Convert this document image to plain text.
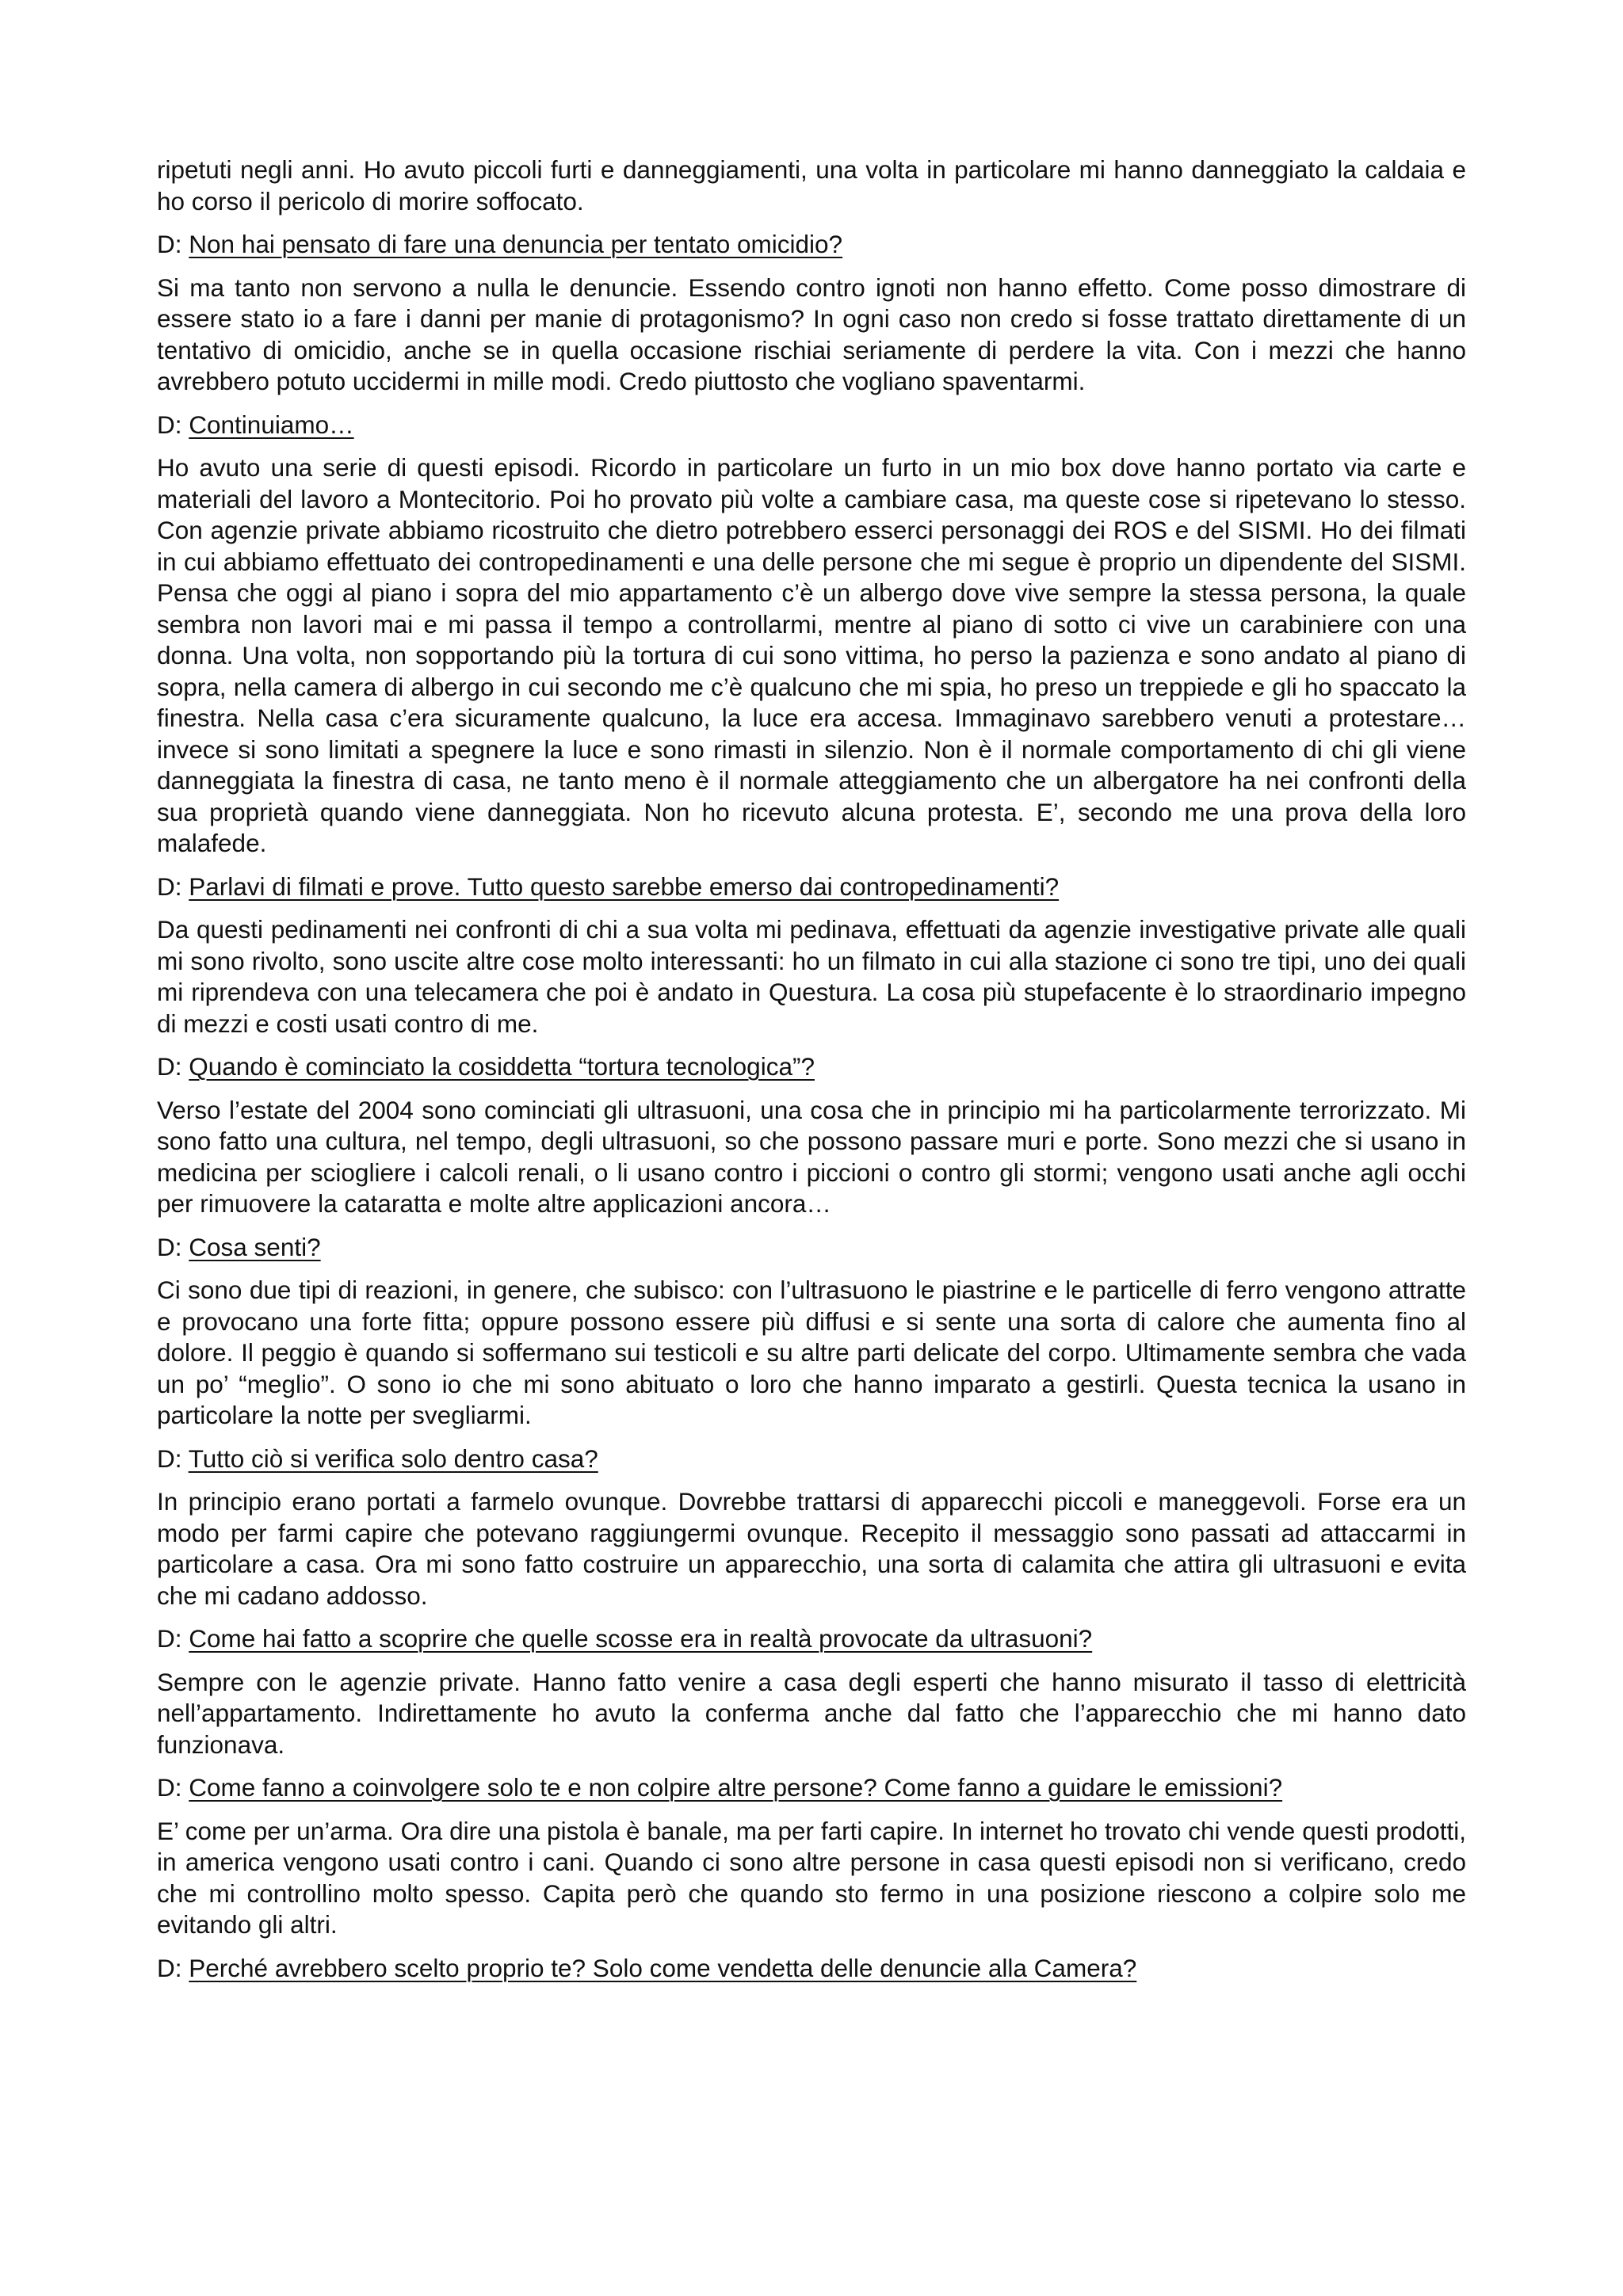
ripetuti negli anni. Ho avuto piccoli furti e danneggiamenti, una volta in particolare mi hanno danneggiato la caldaia e ho corso il pericolo di morire soffocato.

D: Non hai pensato di fare una denuncia per tentato omicidio?

Si ma tanto non servono a nulla le denuncie. Essendo contro ignoti non hanno effetto. Come posso dimostrare di essere stato io a fare i danni per manie di protagonismo? In ogni caso non credo si fosse trattato direttamente di un tentativo di omicidio, anche se in quella occasione rischiai seriamente di perdere la vita. Con i mezzi che hanno avrebbero potuto uccidermi in mille modi. Credo piuttosto che vogliano spaventarmi.

D: Continuiamo…

Ho avuto una serie di questi episodi. Ricordo in particolare un furto in un mio box dove hanno portato via carte e materiali del lavoro a Montecitorio. Poi ho provato più volte a cambiare casa, ma queste cose si ripetevano lo stesso. Con agenzie private abbiamo ricostruito che dietro potrebbero esserci personaggi dei ROS e del SISMI. Ho dei filmati in cui abbiamo effettuato dei contropedinamenti e una delle persone che mi segue è proprio un dipendente del SISMI. Pensa che oggi al piano i sopra del mio appartamento c’è un albergo dove vive sempre la stessa persona, la quale sembra non lavori mai e mi passa il tempo a controllarmi, mentre al piano di sotto ci vive un carabiniere con una donna. Una volta, non sopportando più la tortura di cui sono vittima, ho perso la pazienza e sono andato al piano di sopra, nella camera di albergo in cui secondo me c’è qualcuno che mi spia, ho preso un treppiede e gli ho spaccato la finestra. Nella casa c’era sicuramente qualcuno, la luce era accesa. Immaginavo sarebbero venuti a protestare…invece si sono limitati a spegnere la luce e sono rimasti in silenzio. Non è il normale comportamento di chi gli viene danneggiata la finestra di casa, ne tanto meno è il normale atteggiamento che un albergatore ha nei confronti della sua proprietà quando viene danneggiata. Non ho ricevuto alcuna protesta. E’, secondo me una prova della loro malafede.

D: Parlavi di filmati e prove. Tutto questo sarebbe emerso dai contropedinamenti?

Da questi pedinamenti nei confronti di chi a sua volta mi pedinava, effettuati da agenzie investigative private alle quali mi sono rivolto, sono uscite altre cose molto interessanti: ho un filmato in cui alla stazione ci sono tre tipi, uno dei quali mi riprendeva con una telecamera che poi è andato in Questura. La cosa più stupefacente è lo straordinario impegno di mezzi e costi usati contro di me.

D: Quando è cominciato la cosiddetta “tortura tecnologica”?

Verso l’estate del 2004 sono cominciati gli ultrasuoni, una cosa che in principio mi ha particolarmente terrorizzato. Mi sono fatto una cultura, nel tempo, degli ultrasuoni, so che possono passare muri e porte. Sono mezzi che si usano in medicina per sciogliere i calcoli renali, o li usano contro i piccioni o contro gli stormi; vengono usati anche agli occhi per rimuovere la cataratta e molte altre applicazioni ancora…

D: Cosa senti?

Ci sono due tipi di reazioni, in genere, che subisco: con l’ultrasuono le piastrine e le particelle di ferro vengono attratte e provocano una forte fitta; oppure possono essere più diffusi e si sente una sorta di calore che aumenta fino al dolore. Il peggio è quando si soffermano sui testicoli e su altre parti delicate del corpo. Ultimamente sembra che vada un po’ “meglio”. O sono io che mi sono abituato o loro che hanno imparato a gestirli. Questa tecnica la usano in particolare la notte per svegliarmi.

D: Tutto ciò si verifica solo dentro casa?

In principio erano portati a farmelo ovunque. Dovrebbe trattarsi di apparecchi piccoli e maneggevoli. Forse era un modo per farmi capire che potevano raggiungermi ovunque. Recepito il messaggio sono passati ad attaccarmi in particolare a casa. Ora mi sono fatto costruire un apparecchio, una sorta di calamita che attira gli ultrasuoni e evita che mi cadano addosso.

D: Come hai fatto a scoprire che quelle scosse era in realtà provocate da ultrasuoni?

Sempre con le agenzie private. Hanno fatto venire a casa degli esperti che hanno misurato il tasso di elettricità nell’appartamento. Indirettamente ho avuto la conferma anche dal fatto che l’apparecchio che mi hanno dato funzionava.

D: Come fanno a coinvolgere solo te e non colpire altre persone? Come fanno a guidare le emissioni?

E’ come per un’arma. Ora dire una pistola è banale, ma per farti capire. In internet ho trovato chi vende questi prodotti, in america vengono usati contro i cani. Quando ci sono altre persone in casa questi episodi non si verificano, credo che mi controllino molto spesso. Capita però che quando sto fermo in una posizione riescono a colpire solo me evitando gli altri.

D: Perché avrebbero scelto proprio te? Solo come vendetta delle denuncie alla Camera?
